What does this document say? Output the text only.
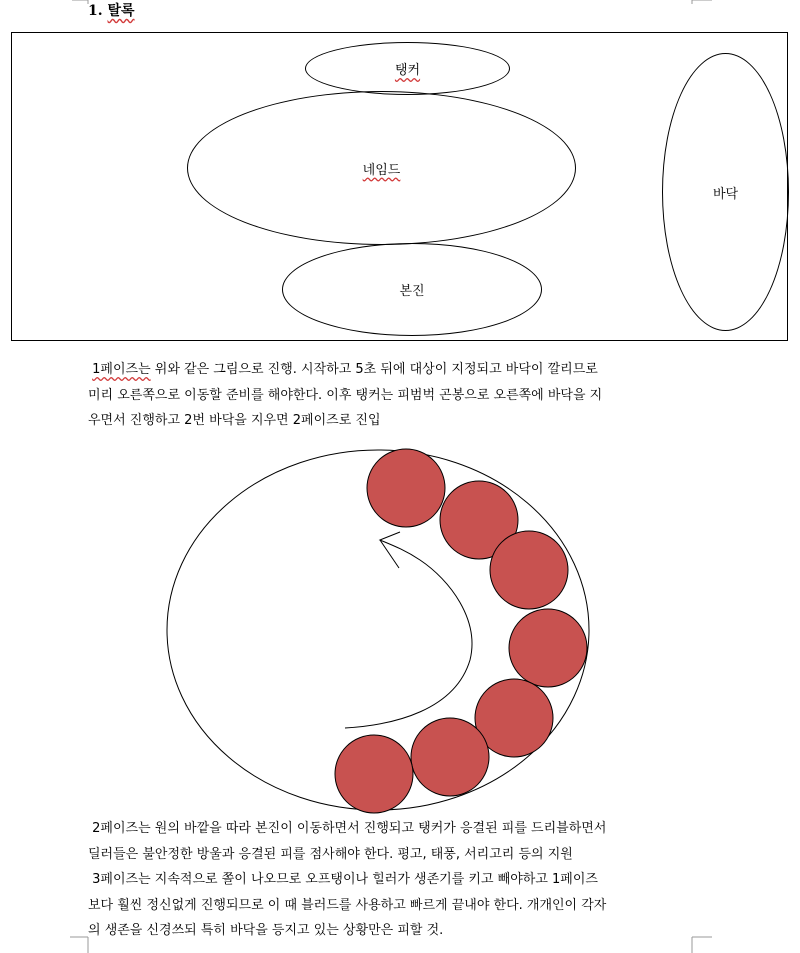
1. 탈록
탱커
네임드
본진
바닥

1페이즈는 위와 같은 그림으로 진행. 시작하고 5초 뒤에 대상이 지정되고 바닥이 깔리므로

미리 오른쪽으로 이동할 준비를 해야한다. 이후 탱커는 피범벅 곤봉으로 오른쪽에 바닥을 지

우면서 진행하고 2번 바닥을 지우면 2페이즈로 진입

2페이즈는 원의 바깥을 따라 본진이 이동하면서 진행되고 탱커가 응결된 피를 드리블하면서

딜러들은 불안정한 방울과 응결된 피를 점사해야 한다. 평고, 태풍, 서리고리 등의 지원

3페이즈는 지속적으로 쫄이 나오므로 오프탱이나 힐러가 생존기를 키고 빼야하고 1페이즈

보다 훨씬 정신없게 진행되므로 이 때 블러드를 사용하고 빠르게 끝내야 한다. 개개인이 각자

의 생존을 신경쓰되 특히 바닥을 등지고 있는 상황만은 피할 것.
